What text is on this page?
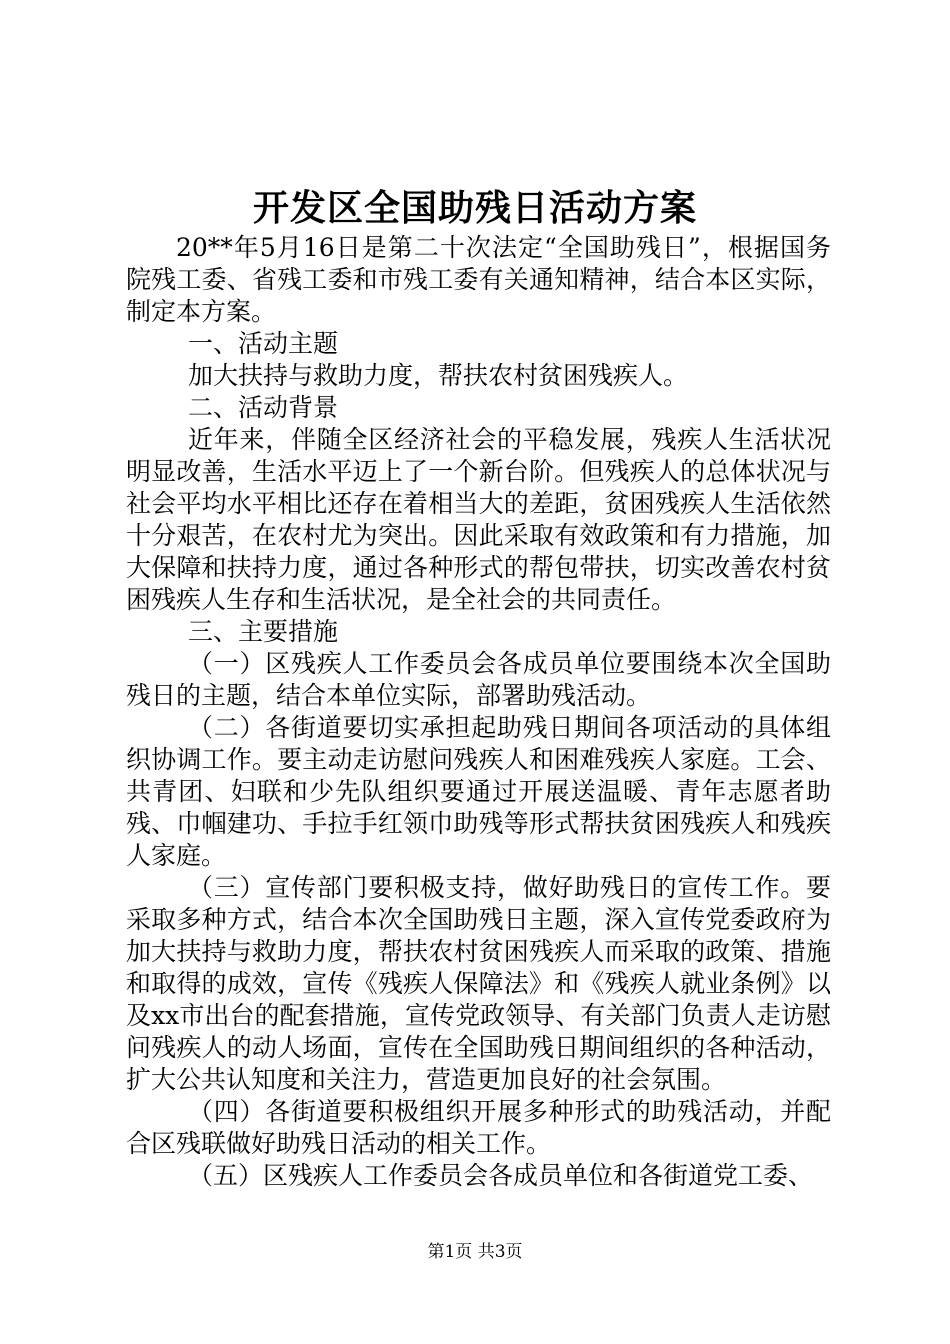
开发区全国助残日活动方案

20**年5月16日是第二十次法定“全国助残日”，根据国务院残工委、省残工委和市残工委有关通知精神，结合本区实际，制定本方案。

一、活动主题

加大扶持与救助力度，帮扶农村贫困残疾人。

二、活动背景

近年来，伴随全区经济社会的平稳发展，残疾人生活状况明显改善，生活水平迈上了一个新台阶。但残疾人的总体状况与社会平均水平相比还存在着相当大的差距，贫困残疾人生活依然十分艰苦，在农村尤为突出。因此采取有效政策和有力措施，加大保障和扶持力度，通过各种形式的帮包带扶，切实改善农村贫困残疾人生存和生活状况，是全社会的共同责任。

三、主要措施

（一）区残疾人工作委员会各成员单位要围绕本次全国助残日的主题，结合本单位实际，部署助残活动。

（二）各街道要切实承担起助残日期间各项活动的具体组织协调工作。要主动走访慰问残疾人和困难残疾人家庭。工会、共青团、妇联和少先队组织要通过开展送温暖、青年志愿者助残、巾帼建功、手拉手红领巾助残等形式帮扶贫困残疾人和残疾人家庭。

（三）宣传部门要积极支持，做好助残日的宣传工作。要采取多种方式，结合本次全国助残日主题，深入宣传党委政府为加大扶持与救助力度，帮扶农村贫困残疾人而采取的政策、措施和取得的成效，宣传《残疾人保障法》和《残疾人就业条例》以及xx市出台的配套措施，宣传党政领导、有关部门负责人走访慰问残疾人的动人场面，宣传在全国助残日期间组织的各种活动，扩大公共认知度和关注力，营造更加良好的社会氛围。

（四）各街道要积极组织开展多种形式的助残活动，并配合区残联做好助残日活动的相关工作。

（五）区残疾人工作委员会各成员单位和各街道党工委、

第1页 共3页
